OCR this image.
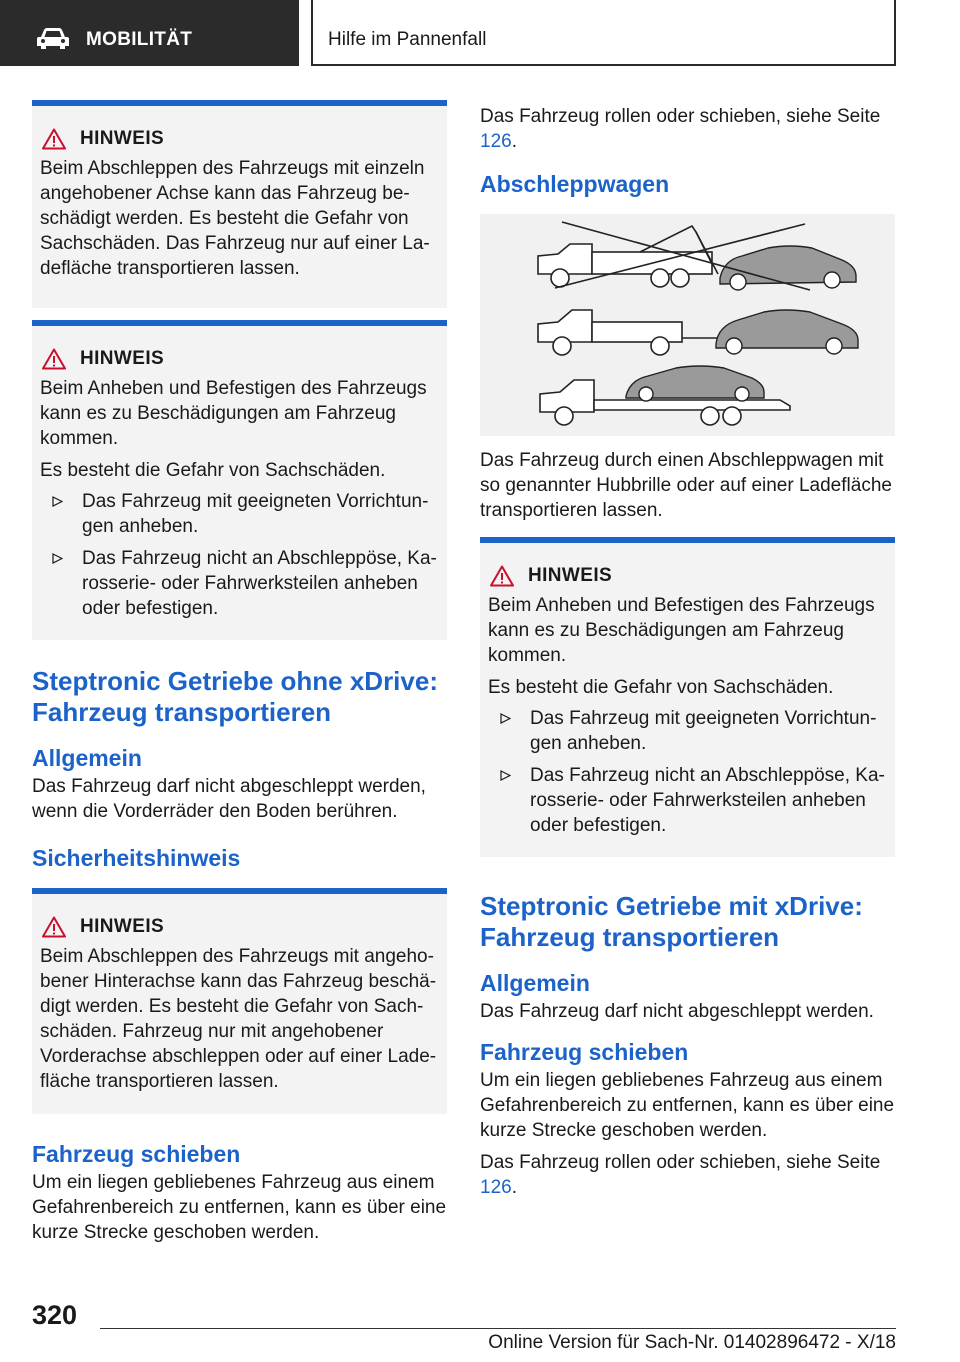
MOBILITÄT	Hilfe im Pannenfall
HINWEIS

Beim Abschleppen des Fahrzeugs mit einzeln angehobener Achse kann das Fahrzeug be-schädigt werden. Es besteht die Gefahr von Sachschäden. Das Fahrzeug nur auf einer La-defläche transportieren lassen.

HINWEIS

Beim Anheben und Befestigen des Fahrzeugs kann es zu Beschädigungen am Fahrzeug kommen.

Es besteht die Gefahr von Sachschäden.

Das Fahrzeug mit geeigneten Vorrichtun-gen anheben.
Das Fahrzeug nicht an Abschleppöse, Ka-rosserie- oder Fahrwerksteilen anheben oder befestigen.
Steptronic Getriebe ohne xDrive: Fahrzeug transportieren
Allgemein

Das Fahrzeug darf nicht abgeschleppt werden, wenn die Vorderräder den Boden berühren.

Sicherheitshinweis
HINWEIS

Beim Abschleppen des Fahrzeugs mit angeho-bener Hinterachse kann das Fahrzeug beschä-digt werden. Es besteht die Gefahr von Sach-schäden. Fahrzeug nur mit angehobener Vorderachse abschleppen oder auf einer Lade-fläche transportieren lassen.

Fahrzeug schieben

Um ein liegen gebliebenes Fahrzeug aus einem Gefahrenbereich zu entfernen, kann es über eine kurze Strecke geschoben werden.

Das Fahrzeug rollen oder schieben, siehe Seite 126.

Abschleppwagen

Das Fahrzeug durch einen Abschleppwagen mit so genannter Hubbrille oder auf einer Ladefläche transportieren lassen.

HINWEIS

Beim Anheben und Befestigen des Fahrzeugs kann es zu Beschädigungen am Fahrzeug kommen.

Es besteht die Gefahr von Sachschäden.

Das Fahrzeug mit geeigneten Vorrichtun-gen anheben.
Das Fahrzeug nicht an Abschleppöse, Ka-rosserie- oder Fahrwerksteilen anheben oder befestigen.
Steptronic Getriebe mit xDrive: Fahrzeug transportieren
Allgemein

Das Fahrzeug darf nicht abgeschleppt werden.

Fahrzeug schieben

Um ein liegen gebliebenes Fahrzeug aus einem Gefahrenbereich zu entfernen, kann es über eine kurze Strecke geschoben werden.

Das Fahrzeug rollen oder schieben, siehe Seite 126.

320
Online Version für Sach-Nr. 01402896472 - X/18
